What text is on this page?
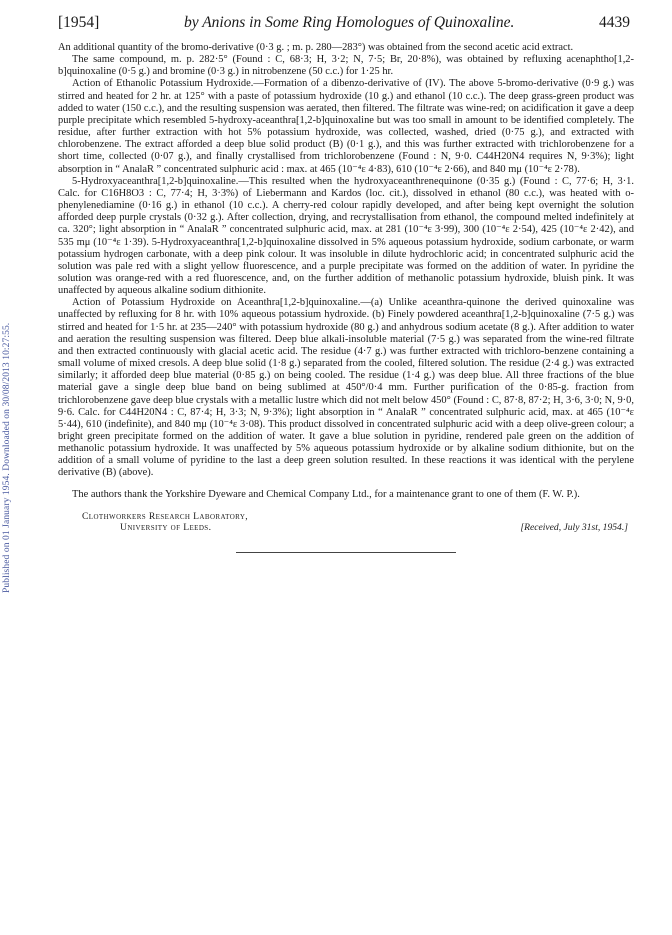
Published on 01 January 1954. Downloaded on 30/08/2013 10:27:55.
[1954]	by Anions in Some Ring Homologues of Quinoxaline.	4439

An additional quantity of the bromo-derivative (0·3 g. ; m. p. 280—283°) was obtained from the second acetic acid extract.

The same compound, m. p. 282·5° (Found : C, 68·3; H, 3·2; N, 7·5; Br, 20·8%), was obtained by refluxing acenaphtho[1,2-b]quinoxaline (0·5 g.) and bromine (0·3 g.) in nitrobenzene (50 c.c.) for 1·25 hr.

Action of Ethanolic Potassium Hydroxide.—Formation of a dibenzo-derivative of (IV). The above 5-bromo-derivative (0·9 g.) was stirred and heated for 2 hr. at 125° with a paste of potassium hydroxide (10 g.) and ethanol (10 c.c.). The deep grass-green product was added to water (150 c.c.), and the resulting suspension was aerated, then filtered. The filtrate was wine-red; on acidification it gave a deep purple precipitate which resembled 5-hydroxy-aceanthra[1,2-b]quinoxaline but was too small in amount to be identified completely. The residue, after further extraction with hot 5% potassium hydroxide, was collected, washed, dried (0·75 g.), and extracted with chlorobenzene. The extract afforded a deep blue solid product (B) (0·1 g.), and this was further extracted with trichlorobenzene for a short time, collected (0·07 g.), and finally crystallised from trichlorobenzene (Found : N, 9·0. C44H20N4 requires N, 9·3%); light absorption in “ AnalaR ” concentrated sulphuric acid : max. at 465 (10⁻⁴ε 4·83), 610 (10⁻⁴ε 2·66), and 840 mμ (10⁻⁴ε 2·78).

5-Hydroxyaceanthra[1,2-b]quinoxaline.—This resulted when the hydroxyaceanthrenequinone (0·35 g.) (Found : C, 77·6; H, 3·1. Calc. for C16H8O3 : C, 77·4; H, 3·3%) of Liebermann and Kardos (loc. cit.), dissolved in ethanol (80 c.c.), was heated with o-phenylenediamine (0·16 g.) in ethanol (10 c.c.). A cherry-red colour rapidly developed, and after being kept overnight the solution afforded deep purple crystals (0·32 g.). After collection, drying, and recrystallisation from ethanol, the compound melted indefinitely at ca. 320°; light absorption in “ AnalaR ” concentrated sulphuric acid, max. at 281 (10⁻⁴ε 3·99), 300 (10⁻⁴ε 2·54), 425 (10⁻⁴ε 2·42), and 535 mμ (10⁻⁴ε 1·39). 5-Hydroxyaceanthra[1,2-b]quinoxaline dissolved in 5% aqueous potassium hydroxide, sodium carbonate, or warm potassium hydrogen carbonate, with a deep pink colour. It was insoluble in dilute hydrochloric acid; in concentrated sulphuric acid the solution was pale red with a slight yellow fluorescence, and a purple precipitate was formed on the addition of water. In pyridine the solution was orange-red with a red fluorescence, and, on the further addition of methanolic potassium hydroxide, bluish pink. It was unaffected by aqueous alkaline sodium dithionite.

Action of Potassium Hydroxide on Aceanthra[1,2-b]quinoxaline.—(a) Unlike aceanthra-quinone the derived quinoxaline was unaffected by refluxing for 8 hr. with 10% aqueous potassium hydroxide. (b) Finely powdered aceanthra[1,2-b]quinoxaline (7·5 g.) was stirred and heated for 1·5 hr. at 235—240° with potassium hydroxide (80 g.) and anhydrous sodium acetate (8 g.). After addition to water and aeration the resulting suspension was filtered. Deep blue alkali-insoluble material (7·5 g.) was separated from the wine-red filtrate and then extracted continuously with glacial acetic acid. The residue (4·7 g.) was further extracted with trichloro-benzene containing a small volume of mixed cresols. A deep blue solid (1·8 g.) separated from the cooled, filtered solution. The residue (2·4 g.) was extracted similarly; it afforded deep blue material (0·85 g.) on being cooled. The residue (1·4 g.) was deep blue. All three fractions of the blue material gave a single deep blue band on being sublimed at 450°/0·4 mm. Further purification of the 0·85-g. fraction from trichlorobenzene gave deep blue crystals with a metallic lustre which did not melt below 450° (Found : C, 87·8, 87·2; H, 3·6, 3·0; N, 9·0, 9·6. Calc. for C44H20N4 : C, 87·4; H, 3·3; N, 9·3%); light absorption in “ AnalaR ” concentrated sulphuric acid, max. at 465 (10⁻⁴ε 5·44), 610 (indefinite), and 840 mμ (10⁻⁴ε 3·08). This product dissolved in concentrated sulphuric acid with a deep olive-green colour; a bright green precipitate formed on the addition of water. It gave a blue solution in pyridine, rendered pale green on the addition of methanolic potassium hydroxide. It was unaffected by 5% aqueous potassium hydroxide or by alkaline sodium dithionite, but on the addition of a small volume of pyridine to the last a deep green solution resulted. In these reactions it was identical with the perylene derivative (B) (above).

The authors thank the Yorkshire Dyeware and Chemical Company Ltd., for a maintenance grant to one of them (F. W. P.).

Clothworkers Research Laboratory,
University of Leeds.	[Received, July 31st, 1954.]
